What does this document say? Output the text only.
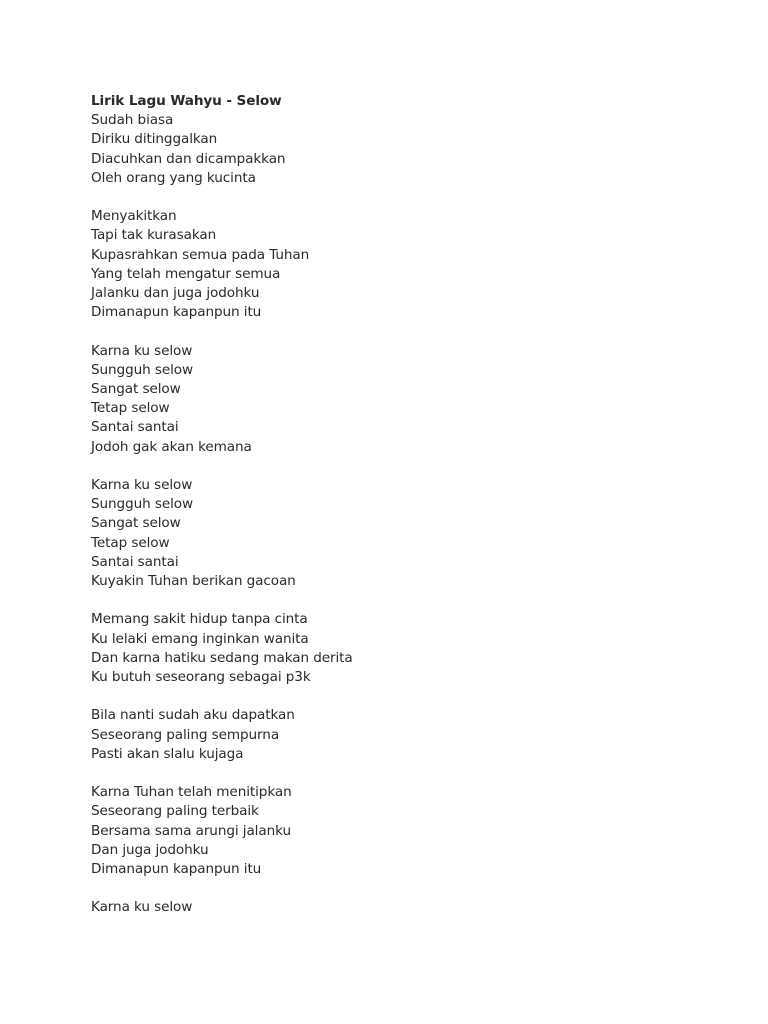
Lirik Lagu Wahyu - Selow
Sudah biasa
Diriku ditinggalkan
Diacuhkan dan dicampakkan
Oleh orang yang kucinta
Menyakitkan
Tapi tak kurasakan
Kupasrahkan semua pada Tuhan
Yang telah mengatur semua
Jalanku dan juga jodohku
Dimanapun kapanpun itu
Karna ku selow
Sungguh selow
Sangat selow
Tetap selow
Santai santai
Jodoh gak akan kemana
Karna ku selow
Sungguh selow
Sangat selow
Tetap selow
Santai santai
Kuyakin Tuhan berikan gacoan
Memang sakit hidup tanpa cinta
Ku lelaki emang inginkan wanita
Dan karna hatiku sedang makan derita
Ku butuh seseorang sebagai p3k
Bila nanti sudah aku dapatkan
Seseorang paling sempurna
Pasti akan slalu kujaga
Karna Tuhan telah menitipkan
Seseorang paling terbaik
Bersama sama arungi jalanku
Dan juga jodohku
Dimanapun kapanpun itu
Karna ku selow
